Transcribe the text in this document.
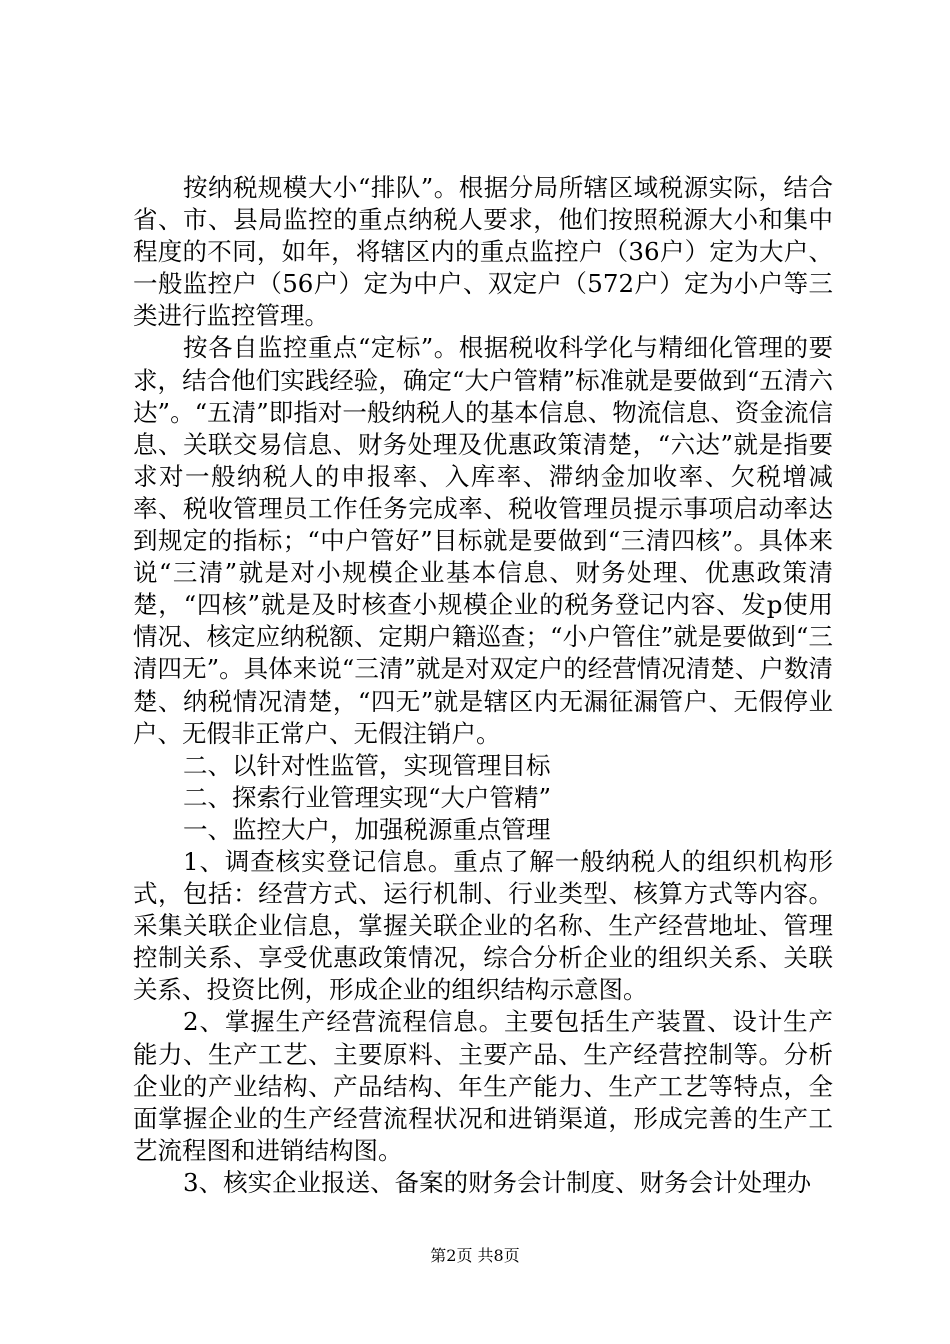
按纳税规模大小“排队”。根据分局所辖区域税源实际，结合省、市、县局监控的重点纳税人要求，他们按照税源大小和集中程度的不同，如年，将辖区内的重点监控户（36户）定为大户、一般监控户（56户）定为中户、双定户（572户）定为小户等三类进行监控管理。

按各自监控重点“定标”。根据税收科学化与精细化管理的要求，结合他们实践经验，确定“大户管精”标准就是要做到“五清六达”。“五清”即指对一般纳税人的基本信息、物流信息、资金流信息、关联交易信息、财务处理及优惠政策清楚，“六达”就是指要求对一般纳税人的申报率、入库率、滞纳金加收率、欠税增减率、税收管理员工作任务完成率、税收管理员提示事项启动率达到规定的指标；“中户管好”目标就是要做到“三清四核”。具体来说“三清”就是对小规模企业基本信息、财务处理、优惠政策清楚，“四核”就是及时核查小规模企业的税务登记内容、发p使用情况、核定应纳税额、定期户籍巡查；“小户管住”就是要做到“三清四无”。具体来说“三清”就是对双定户的经营情况清楚、户数清楚、纳税情况清楚，“四无”就是辖区内无漏征漏管户、无假停业户、无假非正常户、无假注销户。

二、以针对性监管，实现管理目标

二、探索行业管理实现“大户管精”

一、监控大户，加强税源重点管理

1、调查核实登记信息。重点了解一般纳税人的组织机构形式，包括：经营方式、运行机制、行业类型、核算方式等内容。采集关联企业信息，掌握关联企业的名称、生产经营地址、管理控制关系、享受优惠政策情况，综合分析企业的组织关系、关联关系、投资比例，形成企业的组织结构示意图。

2、掌握生产经营流程信息。主要包括生产装置、设计生产能力、生产工艺、主要原料、主要产品、生产经营控制等。分析企业的产业结构、产品结构、年生产能力、生产工艺等特点，全面掌握企业的生产经营流程状况和进销渠道，形成完善的生产工艺流程图和进销结构图。

3、核实企业报送、备案的财务会计制度、财务会计处理办

第2页 共8页
